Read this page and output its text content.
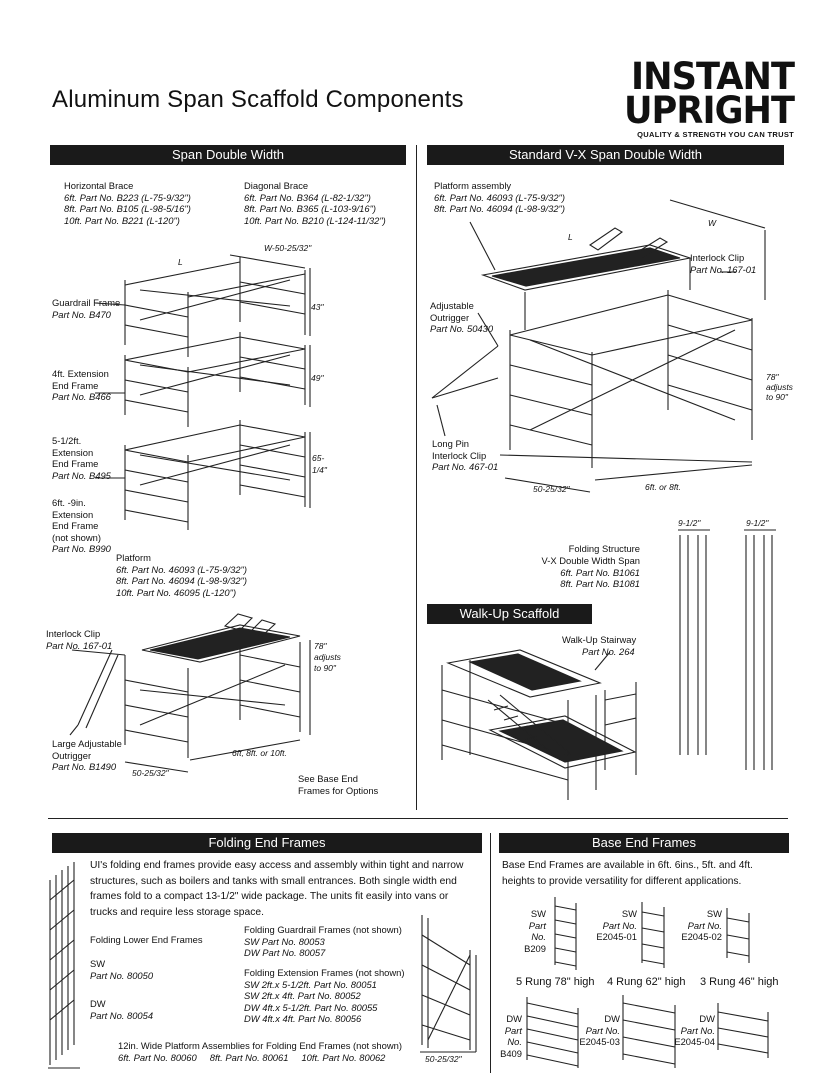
Aluminum Span Scaffold Components
INSTANT
UPRIGHT
QUALITY & STRENGTH YOU CAN TRUST
Span Double Width	Standard V-X Span Double Width
Walk-Up Scaffold
Folding End Frames	Base End Frames
Horizontal Brace
6ft. Part No. B223 (L-75-9/32")
8ft. Part No. B105 (L-98-5/16")
10ft. Part No. B221 (L-120")
Diagonal Brace
6ft. Part No. B364 (L-82-1/32")
8ft. Part No. B365 (L-103-9/16")
10ft. Part No. B210 (L-124-11/32")
W-50-25/32"
L
Guardrail Frame
Part No. B470
43"
4ft. Extension
End Frame
Part No. B466
49"
5-1/2ft.
Extension
End Frame
Part No. B495
65-
1/4"
6ft. -9in.
Extension
End Frame
(not shown)
Part No. B990
Platform
6ft. Part No. 46093 (L-75-9/32")
8ft. Part No. 46094 (L-98-9/32")
10ft. Part No. 46095 (L-120")
Interlock Clip
Part No. 167-01
Large Adjustable
Outrigger
Part No. B1490
78"
adjusts
to 90"
6ft, 8ft. or 10ft.
50-25/32"	See Base End
Frames for Options
Platform assembly
6ft. Part No. 46093 (L-75-9/32")
8ft. Part No. 46094 (L-98-9/32")
L
W
Interlock Clip
Part No. 167-01
Adjustable
Outrigger
Part No. 50430
Long Pin
Interlock Clip
Part No. 467-01
78"
adjusts
to 90"
50-25/32"	6ft. or 8ft.
Folding Structure
V-X Double Width Span
6ft. Part No. B1061
8ft. Part No. B1081
9-1/2"	9-1/2"
Walk-Up Stairway
Part No. 264
UI's folding end frames provide easy access and assembly within tight and narrow structures, such as boilers and tanks with small entrances. Both single width end frames fold to a compact 13-1/2" wide package. The units fit easily into vans or trucks and require less storage space.
Folding Lower End Frames
SW
Part No. 80050
DW
Part No. 80054
Folding Guardrail Frames (not shown)
SW Part No. 80053
DW Part No. 80057
Folding Extension Frames (not shown)
SW 2ft.x 5-1/2ft. Part No. 80051
SW 2ft.x 4ft. Part No. 80052
DW 4ft.x 5-1/2ft. Part No. 80055
DW 4ft.x 4ft. Part No. 80056
12in. Wide Platform Assemblies for Folding End Frames (not shown)
6ft. Part No. 80060 8ft. Part No. 80061 10ft. Part No. 80062	50-25/32"
Base End Frames are available in 6ft. 6ins., 5ft. and 4ft. heights to provide versatility for different applications.
SW
Part No.
B209
SW
Part No.
E2045-01
SW
Part No.
E2045-02
5 Rung 78" high 4 Rung 62" high 3 Rung 46" high
DW
Part No.
B409
DW
Part No.
E2045-03
DW
Part No.
E2045-04
